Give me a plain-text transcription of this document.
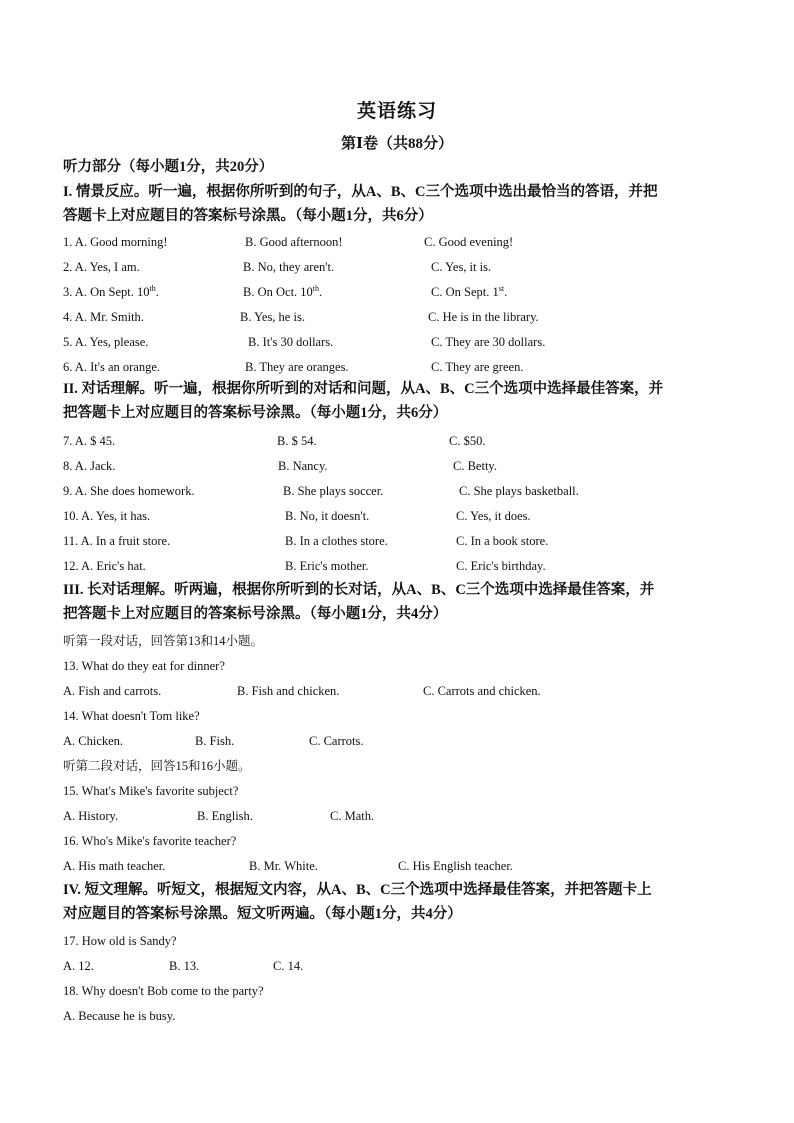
英语练习
第Ⅰ卷（共88分）
听力部分（每小题1分，共20分）
I. 情景反应。听一遍，根据你所听到的句子，从A、B、C三个选项中选出最恰当的答语，并把
答题卡上对应题目的答案标号涂黑。（每小题1分，共6分）
1. A. Good morning!	B. Good afternoon!	C. Good evening!
2. A. Yes, I am.	B. No, they aren't.	C. Yes, it is.
3. A. On Sept. 10th.	B. On Oct. 10th.	C. On Sept. 1st.
4. A. Mr. Smith.	B. Yes, he is.	C. He is in the library.
5. A. Yes, please.	B. It's 30 dollars.	C. They are 30 dollars.
6. A. It's an orange.	B. They are oranges.	C. They are green.
II. 对话理解。听一遍，根据你所听到的对话和问题，从A、B、C三个选项中选择最佳答案，并
把答题卡上对应题目的答案标号涂黑。（每小题1分，共6分）
7. A. $ 45.	B. $ 54.	C. $50.
8. A. Jack.	B. Nancy.	C. Betty.
9. A. She does homework.	B. She plays soccer.	C. She plays basketball.
10. A. Yes, it has.	B. No, it doesn't.	C. Yes, it does.
11. A. In a fruit store.	B. In a clothes store.	C. In a book store.
12. A. Eric's hat.	B. Eric's mother.	C. Eric's birthday.
III. 长对话理解。听两遍，根据你所听到的长对话，从A、B、C三个选项中选择最佳答案，并
把答题卡上对应题目的答案标号涂黑。（每小题1分，共4分）
听第一段对话，回答第13和14小题。
13. What do they eat for dinner?
A. Fish and carrots.	B. Fish and chicken.	C. Carrots and chicken.
14. What doesn't Tom like?
A. Chicken.	B. Fish.	C. Carrots.
听第二段对话，回答15和16小题。
15. What's Mike's favorite subject?
A. History.	B. English.	C. Math.
16. Who's Mike's favorite teacher?
A. His math teacher.	B. Mr. White.	C. His English teacher.
IV. 短文理解。听短文，根据短文内容，从A、B、C三个选项中选择最佳答案，并把答题卡上
对应题目的答案标号涂黑。短文听两遍。（每小题1分，共4分）
17. How old is Sandy?
A. 12.	B. 13.	C. 14.
18. Why doesn't Bob come to the party?
A. Because he is busy.
